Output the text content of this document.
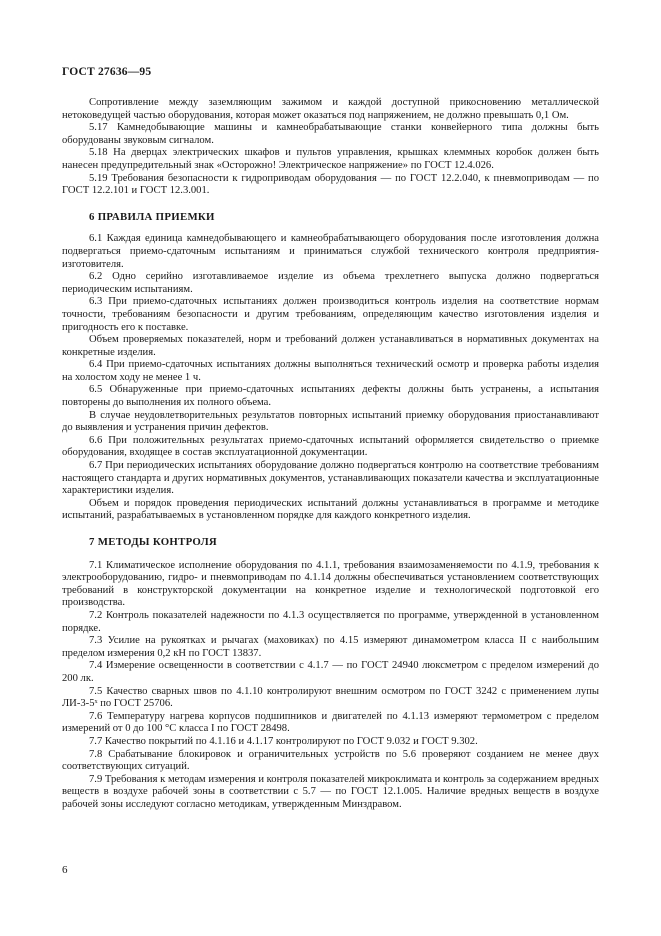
ГОСТ 27636—95

Сопротивление между заземляющим зажимом и каждой доступной прикосновению металлической нетоковедущей частью оборудования, которая может оказаться под напряжением, не должно превышать 0,1 Ом.

5.17 Камнедобывающие машины и камнеобрабатывающие станки конвейерного типа должны быть оборудованы звуковым сигналом.

5.18 На дверцах электрических шкафов и пультов управления, крышках клеммных коробок должен быть нанесен предупредительный знак «Осторожно! Электрическое напряжение» по ГОСТ 12.4.026.

5.19 Требования безопасности к гидроприводам оборудования — по ГОСТ 12.2.040, к пневмоприводам — по ГОСТ 12.2.101 и ГОСТ 12.3.001.

6 ПРАВИЛА ПРИЕМКИ

6.1 Каждая единица камнедобывающего и камнеобрабатывающего оборудования после изготовления должна подвергаться приемо-сдаточным испытаниям и приниматься службой технического контроля предприятия-изготовителя.

6.2 Одно серийно изготавливаемое изделие из объема трехлетнего выпуска должно подвергаться периодическим испытаниям.

6.3 При приемо-сдаточных испытаниях должен производиться контроль изделия на соответствие нормам точности, требованиям безопасности и другим требованиям, определяющим качество изготовления изделия и пригодность его к поставке.

Объем проверяемых показателей, норм и требований должен устанавливаться в нормативных документах на конкретные изделия.

6.4 При приемо-сдаточных испытаниях должны выполняться технический осмотр и проверка работы изделия на холостом ходу не менее 1 ч.

6.5 Обнаруженные при приемо-сдаточных испытаниях дефекты должны быть устранены, а испытания повторены до выполнения их полного объема.

В случае неудовлетворительных результатов повторных испытаний приемку оборудования приостанавливают до выявления и устранения причин дефектов.

6.6 При положительных результатах приемо-сдаточных испытаний оформляется свидетельство о приемке оборудования, входящее в состав эксплуатационной документации.

6.7 При периодических испытаниях оборудование должно подвергаться контролю на соответствие требованиям настоящего стандарта и других нормативных документов, устанавливающих показатели качества и эксплуатационные характеристики изделия.

Объем и порядок проведения периодических испытаний должны устанавливаться в программе и методике испытаний, разрабатываемых в установленном порядке для каждого конкретного изделия.

7 МЕТОДЫ КОНТРОЛЯ

7.1 Климатическое исполнение оборудования по 4.1.1, требования взаимозаменяемости по 4.1.9, требования к электрооборудованию, гидро- и пневмоприводам по 4.1.14 должны обеспечиваться установлением соответствующих требований в конструкторской документации на конкретное изделие и технологической подготовкой его производства.

7.2 Контроль показателей надежности по 4.1.3 осуществляется по программе, утвержденной в установленном порядке.

7.3 Усилие на рукоятках и рычагах (маховиках) по 4.15 измеряют динамометром класса II с наибольшим пределом измерения 0,2 кН по ГОСТ 13837.

7.4 Измерение освещенности в соответствии с 4.1.7 — по ГОСТ 24940 люксметром с пределом измерений до 200 лк.

7.5 Качество сварных швов по 4.1.10 контролируют внешним осмотром по ГОСТ 3242 с применением лупы ЛИ-3-5ˣ по ГОСТ 25706.

7.6 Температуру нагрева корпусов подшипников и двигателей по 4.1.13 измеряют термометром с пределом измерений от 0 до 100 °С класса I по ГОСТ 28498.

7.7 Качество покрытий по 4.1.16 и 4.1.17 контролируют по ГОСТ 9.032 и ГОСТ 9.302.

7.8 Срабатывание блокировок и ограничительных устройств по 5.6 проверяют созданием не менее двух соответствующих ситуаций.

7.9 Требования к методам измерения и контроля показателей микроклимата и контроль за содержанием вредных веществ в воздухе рабочей зоны в соответствии с 5.7 — по ГОСТ 12.1.005. Наличие вредных веществ в воздухе рабочей зоны исследуют согласно методикам, утвержденным Минздравом.

6
